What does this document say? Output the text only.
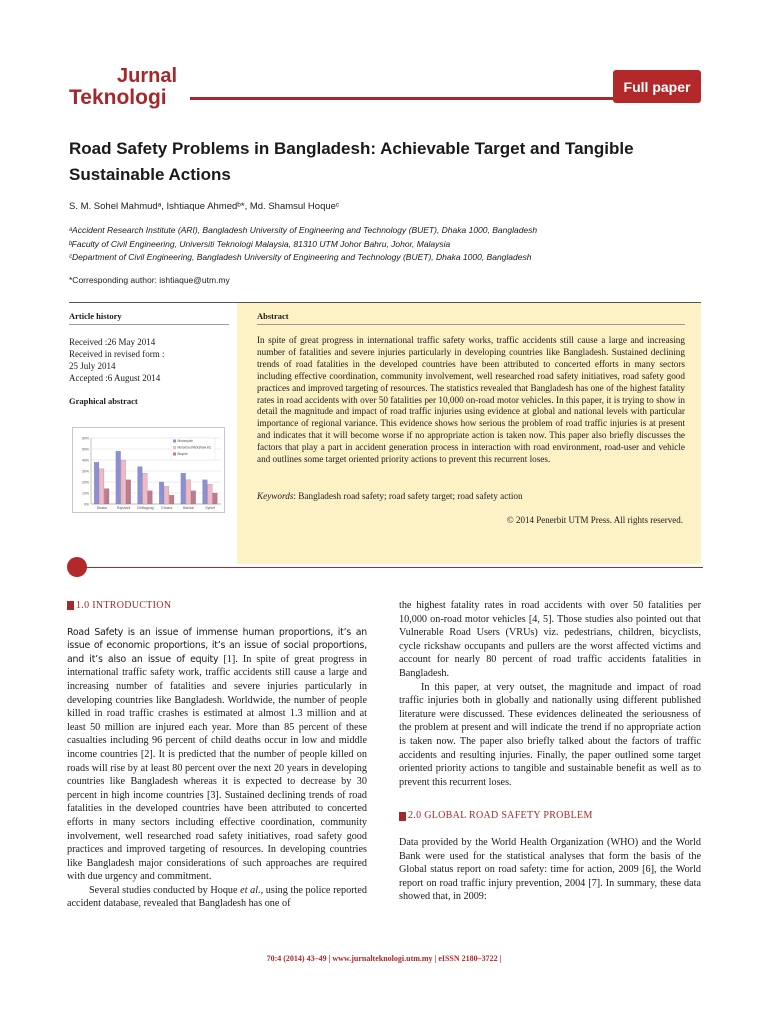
Jurnal
Teknologi	Full paper
Road Safety Problems in Bangladesh: Achievable Target and Tangible Sustainable Actions
S. M. Sohel Mahmudᵃ, Ishtiaque Ahmedᵇ*, Md. Shamsul Hoqueᶜ
ᵃAccident Research Institute (ARI), Bangladesh University of Engineering and Technology (BUET), Dhaka 1000, Bangladesh
ᵇFaculty of Civil Engineering, Universiti Teknologi Malaysia, 81310 UTM Johor Bahru, Johor, Malaysia
ᶜDepartment of Civil Engineering, Bangladesh University of Engineering and Technology (BUET), Dhaka 1000, Bangladesh
*Corresponding author: ishtiaque@utm.my
Article history
Received :26 May 2014
Received in revised form :
25 July 2014
Accepted :6 August 2014
Graphical abstract
60%
50%
40%
30%
20%
10%
0%
Dhaka	Rajshahi Chittagong Khulna	Barisal	Sylhet
Motorcycle
Motorized Rickshaw etc
Bicycle
Abstract
In spite of great progress in international traffic safety works, traffic accidents still cause a large and increasing number of fatalities and severe injuries particularly in developing countries like Bangladesh. Sustained declining trends of road fatalities in the developed countries have been attributed to concerted efforts in many sectors including effective coordination, community involvement, well researched road safety initiatives, road safety good practices and improved targeting of resources. The statistics revealed that Bangladesh has one of the highest fatality rates in road accidents with over 50 fatalities per 10,000 on-road motor vehicles. In this paper, it is trying to show in detail the magnitude and impact of road traffic injuries using evidence at global and national levels with particular importance of regional variance. This evidence shows how serious the problem of road traffic injuries is at present and indicates that it will become worse if no appropriate action is taken now. This paper also briefly discusses the factors that play a part in accident generation process in interaction with road environment, road-user and vehicle and outlines some target oriented priority actions to prevent this recurrent loses.
Keywords: Bangladesh road safety; road safety target; road safety action
© 2014 Penerbit UTM Press. All rights reserved.
1.0 INTRODUCTION

Road Safety is an issue of immense human proportions, it’s an issue of economic proportions, it’s an issue of social proportions, and it’s also an issue of equity [1]. In spite of great progress in international traffic safety work, traffic accidents still cause a large and increasing number of fatalities and severe injuries particularly in developing countries like Bangladesh. Worldwide, the number of people killed in road traffic crashes is estimated at almost 1.3 million and at least 50 million are injured each year. More than 85 percent of these casualties including 96 percent of child deaths occur in low and middle income countries [2]. It is predicted that the number of people killed on roads will rise by at least 80 percent over the next 20 years in developing countries like Bangladesh whereas it is expected to decrease by 30 percent in high income countries [3]. Sustained declining trends of road fatalities in the developed countries have been attributed to concerted efforts in many sectors including effective coordination, community involvement, well researched road safety initiatives, road safety good practices and improved targeting of resources. In developing countries like Bangladesh major considerations of such approaches are required with due urgency and commitment.

Several studies conducted by Hoque et al., using the police reported accident database, revealed that Bangladesh has one of

the highest fatality rates in road accidents with over 50 fatalities per 10,000 on-road motor vehicles [4, 5]. Those studies also pointed out that Vulnerable Road Users (VRUs) viz. pedestrians, children, bicyclists, cycle rickshaw occupants and pullers are the worst affected victims and account for nearly 80 percent of road traffic accidents fatalities in Bangladesh.

In this paper, at very outset, the magnitude and impact of road traffic injuries both in globally and nationally using different published literature were discussed. These evidences delineated the seriousness of the problem at present and will indicate the trend if no appropriate action is taken now. The paper also briefly talked about the factors of traffic accidents and resulting injuries. Finally, the paper outlined some target oriented priority actions to tangible and sustainable benefit as well as to prevent this recurrent loses.

2.0 GLOBAL ROAD SAFETY PROBLEM

Data provided by the World Health Organization (WHO) and the World Bank were used for the statistical analyses that form the basis of the Global status report on road safety: time for action, 2009 [6], the World report on road traffic injury prevention, 2004 [7]. In summary, these data showed that, in 2009:

70:4 (2014) 43–49 | www.jurnalteknologi.utm.my | eISSN 2180–3722 |
